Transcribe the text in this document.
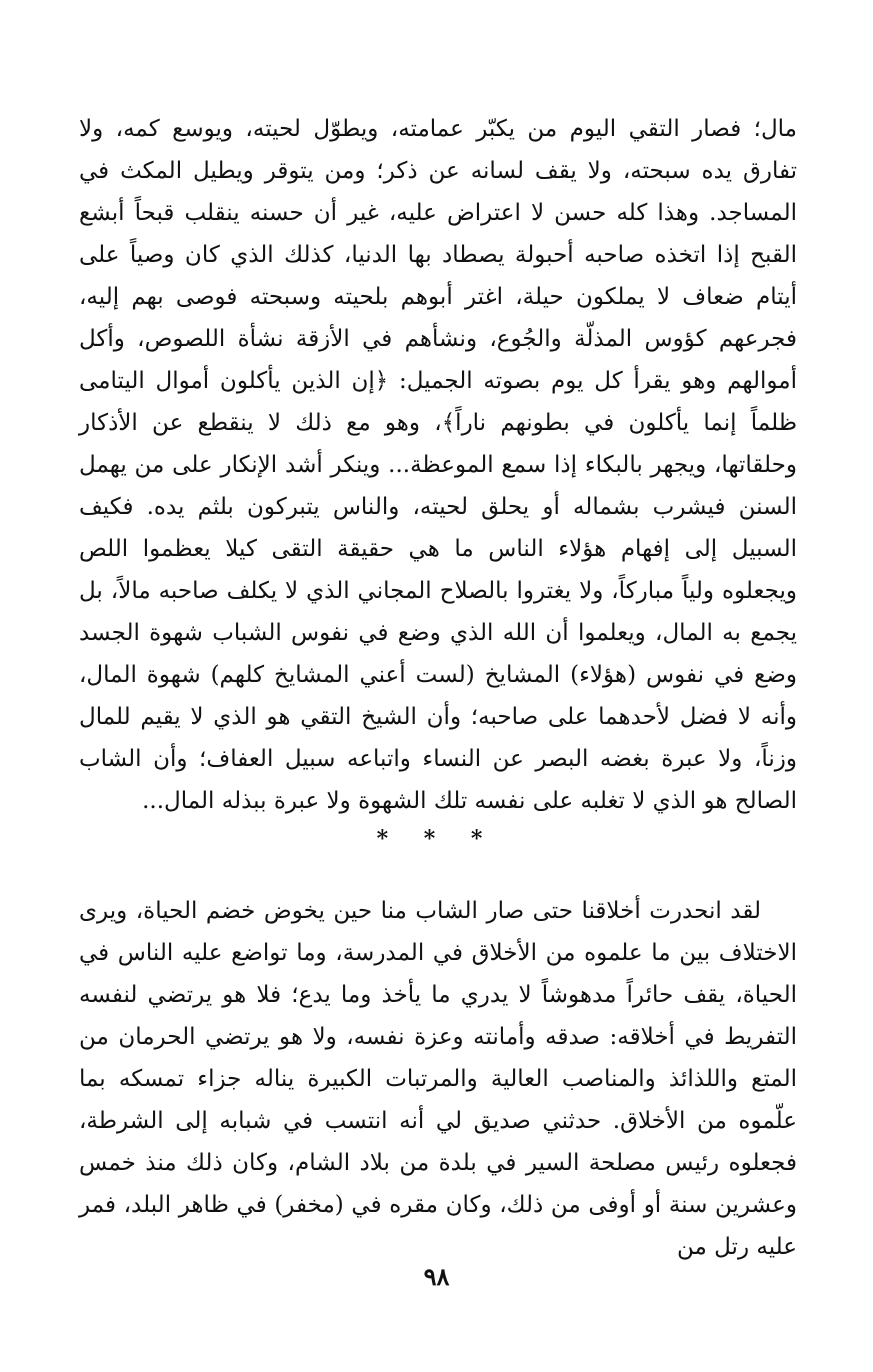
مال؛ فصار التقي اليوم من يكبّر عمامته، ويطوّل لحيته، ويوسع كمه، ولا تفارق يده سبحته، ولا يقف لسانه عن ذكر؛ ومن يتوقر ويطيل المكث في المساجد. وهذا كله حسن لا اعتراض عليه، غير أن حسنه ينقلب قبحاً أبشع القبح إذا اتخذه صاحبه أحبولة يصطاد بها الدنيا، كذلك الذي كان وصياً على أيتام ضعاف لا يملكون حيلة، اغتر أبوهم بلحيته وسبحته فوصى بهم إليه، فجرعهم كؤوس المذلّة والجُوع، ونشأهم في الأزقة نشأة اللصوص، وأكل أموالهم وهو يقرأ كل يوم بصوته الجميل: ﴿إن الذين يأكلون أموال اليتامى ظلماً إنما يأكلون في بطونهم ناراً﴾، وهو مع ذلك لا ينقطع عن الأذكار وحلقاتها، ويجهر بالبكاء إذا سمع الموعظة... وينكر أشد الإنكار على من يهمل السنن فيشرب بشماله أو يحلق لحيته، والناس يتبركون بلثم يده. فكيف السبيل إلى إفهام هؤلاء الناس ما هي حقيقة التقى كيلا يعظموا اللص ويجعلوه ولياً مباركاً، ولا يغتروا بالصلاح المجاني الذي لا يكلف صاحبه مالاً، بل يجمع به المال، ويعلموا أن الله الذي وضع في نفوس الشباب شهوة الجسد وضع في نفوس (هؤلاء) المشايخ (لست أعني المشايخ كلهم) شهوة المال، وأنه لا فضل لأحدهما على صاحبه؛ وأن الشيخ التقي هو الذي لا يقيم للمال وزناً، ولا عبرة بغضه البصر عن النساء واتباعه سبيل العفاف؛ وأن الشاب الصالح هو الذي لا تغلبه على نفسه تلك الشهوة ولا عبرة ببذله المال...
* * *
لقد انحدرت أخلاقنا حتى صار الشاب منا حين يخوض خضم الحياة، ويرى الاختلاف بين ما علموه من الأخلاق في المدرسة، وما تواضع عليه الناس في الحياة، يقف حائراً مدهوشاً لا يدري ما يأخذ وما يدع؛ فلا هو يرتضي لنفسه التفريط في أخلاقه: صدقه وأمانته وعزة نفسه، ولا هو يرتضي الحرمان من المتع واللذائذ والمناصب العالية والمرتبات الكبيرة يناله جزاء تمسكه بما علّموه من الأخلاق. حدثني صديق لي أنه انتسب في شبابه إلى الشرطة، فجعلوه رئيس مصلحة السير في بلدة من بلاد الشام، وكان ذلك منذ خمس وعشرين سنة أو أوفى من ذلك، وكان مقره في (مخفر) في ظاهر البلد، فمر عليه رتل من
٩٨
